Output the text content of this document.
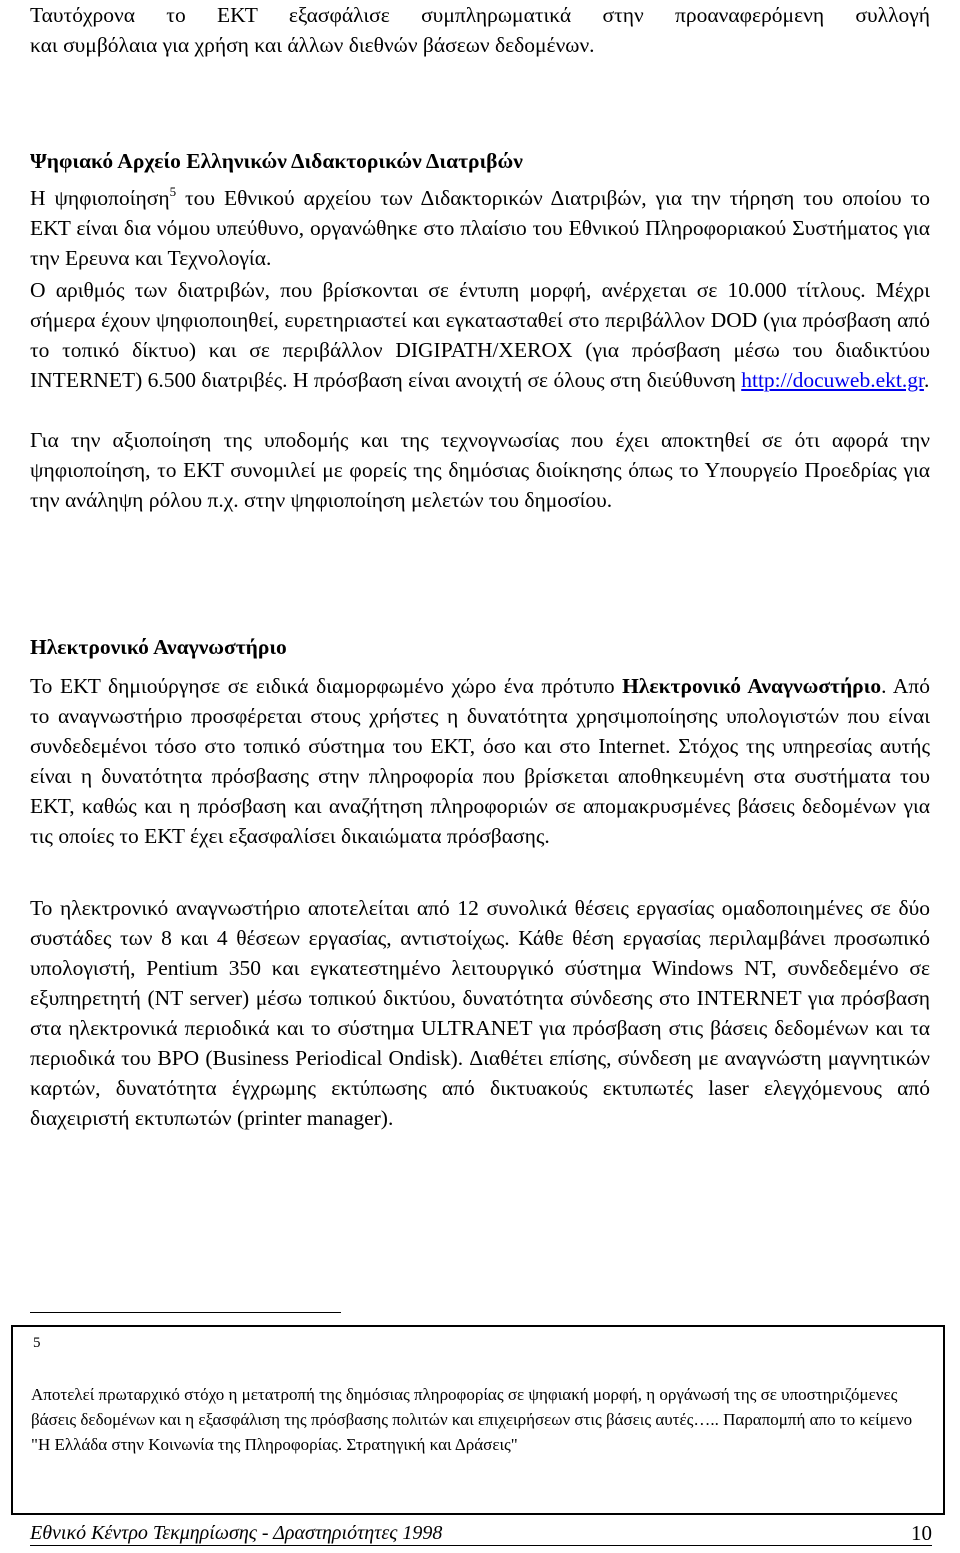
Ταυτόχρονα το ΕΚΤ εξασφάλισε συμπληρωματικά στην προαναφερόμενη συλλογή

και συμβόλαια για χρήση και άλλων διεθνών βάσεων δεδομένων.

Ψηφιακό Αρχείο Ελληνικών Διδακτορικών Διατριβών

Η ψηφιοποίηση$^5$ του Εθνικού αρχείου των Διδακτορικών Διατριβών, για την τήρηση του οποίου το ΕΚΤ είναι δια νόμου υπεύθυνο, οργανώθηκε στο πλαίσιο του Εθνικού Πληροφοριακού Συστήματος για την Ερευνα και Τεχνολογία.

Ο αριθμός των διατριβών, που βρίσκονται σε έντυπη μορφή, ανέρχεται σε 10.000 τίτλους. Μέχρι σήμερα έχουν ψηφιοποιηθεί, ευρετηριαστεί και εγκατασταθεί στο περιβάλλον DOD (για πρόσβαση από το τοπικό δίκτυο) και σε περιβάλλον DIGIPATH/XEROX (για πρόσβαση μέσω του διαδικτύου INTERNET) 6.500 διατριβές. Η πρόσβαση είναι ανοιχτή σε όλους στη διεύθυνση http://docuweb.ekt.gr.

Για την αξιοποίηση της υποδομής και της τεχνογνωσίας που έχει αποκτηθεί σε ότι αφορά την ψηφιοποίηση, το ΕΚΤ συνομιλεί με φορείς της δημόσιας διοίκησης όπως το Υπουργείο Προεδρίας για την ανάληψη ρόλου π.χ. στην ψηφιοποίηση μελετών του δημοσίου.

Ηλεκτρονικό Αναγνωστήριο

Το ΕΚΤ δημιούργησε σε ειδικά διαμορφωμένο χώρο ένα πρότυπο Ηλεκτρονικό Αναγνωστήριο. Από το αναγνωστήριο προσφέρεται στους χρήστες η δυνατότητα χρησιμοποίησης υπολογιστών που είναι συνδεδεμένοι τόσο στο τοπικό σύστημα του ΕΚΤ, όσο και στο Internet. Στόχος της υπηρεσίας αυτής είναι η δυνατότητα πρόσβασης στην πληροφορία που βρίσκεται αποθηκευμένη στα συστήματα του ΕΚΤ, καθώς και η πρόσβαση και αναζήτηση πληροφοριών σε απομακρυσμένες βάσεις δεδομένων για τις οποίες το ΕΚΤ έχει εξασφαλίσει δικαιώματα πρόσβασης.

Το ηλεκτρονικό αναγνωστήριο αποτελείται από 12 συνολικά θέσεις εργασίας ομαδοποιημένες σε δύο συστάδες των 8 και 4 θέσεων εργασίας, αντιστοίχως. Κάθε θέση εργασίας περιλαμβάνει προσωπικό υπολογιστή, Pentium 350 και εγκατεστημένο λειτουργικό σύστημα Windows NT, συνδεδεμένο σε εξυπηρετητή (NT server) μέσω τοπικού δικτύου, δυνατότητα σύνδεσης στο INTERNET για πρόσβαση στα ηλεκτρονικά περιοδικά και το σύστημα ULTRANET για πρόσβαση στις βάσεις δεδομένων και τα περιοδικά του BPO (Business Periodical Ondisk). Διαθέτει επίσης, σύνδεση με αναγνώστη μαγνητικών καρτών, δυνατότητα έγχρωμης εκτύπωσης από δικτυακούς εκτυπωτές laser ελεγχόμενους από διαχειριστή εκτυπωτών (printer manager).

5
Αποτελεί πρωταρχικό στόχο η μετατροπή της δημόσιας πληροφορίας σε ψηφιακή μορφή, η οργάνωσή της σε υποστηριζόμενες βάσεις δεδομένων και η εξασφάλιση της πρόσβασης πολιτών και επιχειρήσεων στις βάσεις αυτές….. Παραπομπή απο το κείμενο "Η Ελλάδα στην Κοινωνία της Πληροφορίας. Στρατηγική και Δράσεις"
Εθνικό Κέντρο Τεκμηρίωσης - Δραστηριότητες 1998	10
